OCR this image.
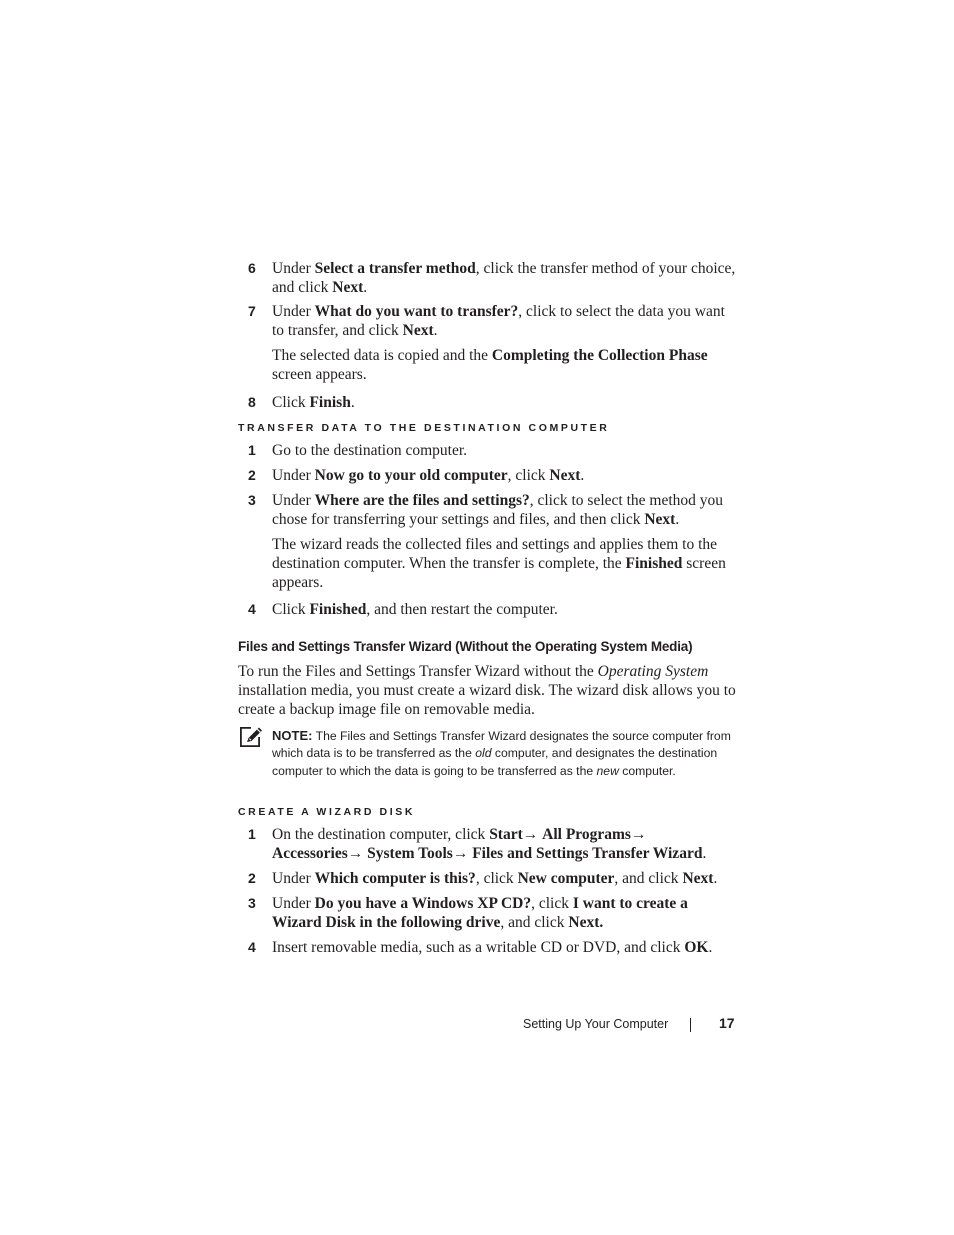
6 Under Select a transfer method, click the transfer method of your choice, and click Next.
7 Under What do you want to transfer?, click to select the data you want to transfer, and click Next.
The selected data is copied and the Completing the Collection Phase screen appears.
8 Click Finish.
TRANSFER DATA TO THE DESTINATION COMPUTER
1 Go to the destination computer.
2 Under Now go to your old computer, click Next.
3 Under Where are the files and settings?, click to select the method you chose for transferring your settings and files, and then click Next.
The wizard reads the collected files and settings and applies them to the destination computer. When the transfer is complete, the Finished screen appears.
4 Click Finished, and then restart the computer.
Files and Settings Transfer Wizard (Without the Operating System Media)
To run the Files and Settings Transfer Wizard without the Operating System installation media, you must create a wizard disk. The wizard disk allows you to create a backup image file on removable media.
NOTE: The Files and Settings Transfer Wizard designates the source computer from which data is to be transferred as the old computer, and designates the destination computer to which the data is going to be transferred as the new computer.
CREATE A WIZARD DISK
1 On the destination computer, click Start→ All Programs→ Accessories→ System Tools→ Files and Settings Transfer Wizard.
2 Under Which computer is this?, click New computer, and click Next.
3 Under Do you have a Windows XP CD?, click I want to create a Wizard Disk in the following drive, and click Next.
4 Insert removable media, such as a writable CD or DVD, and click OK.
Setting Up Your Computer	17
